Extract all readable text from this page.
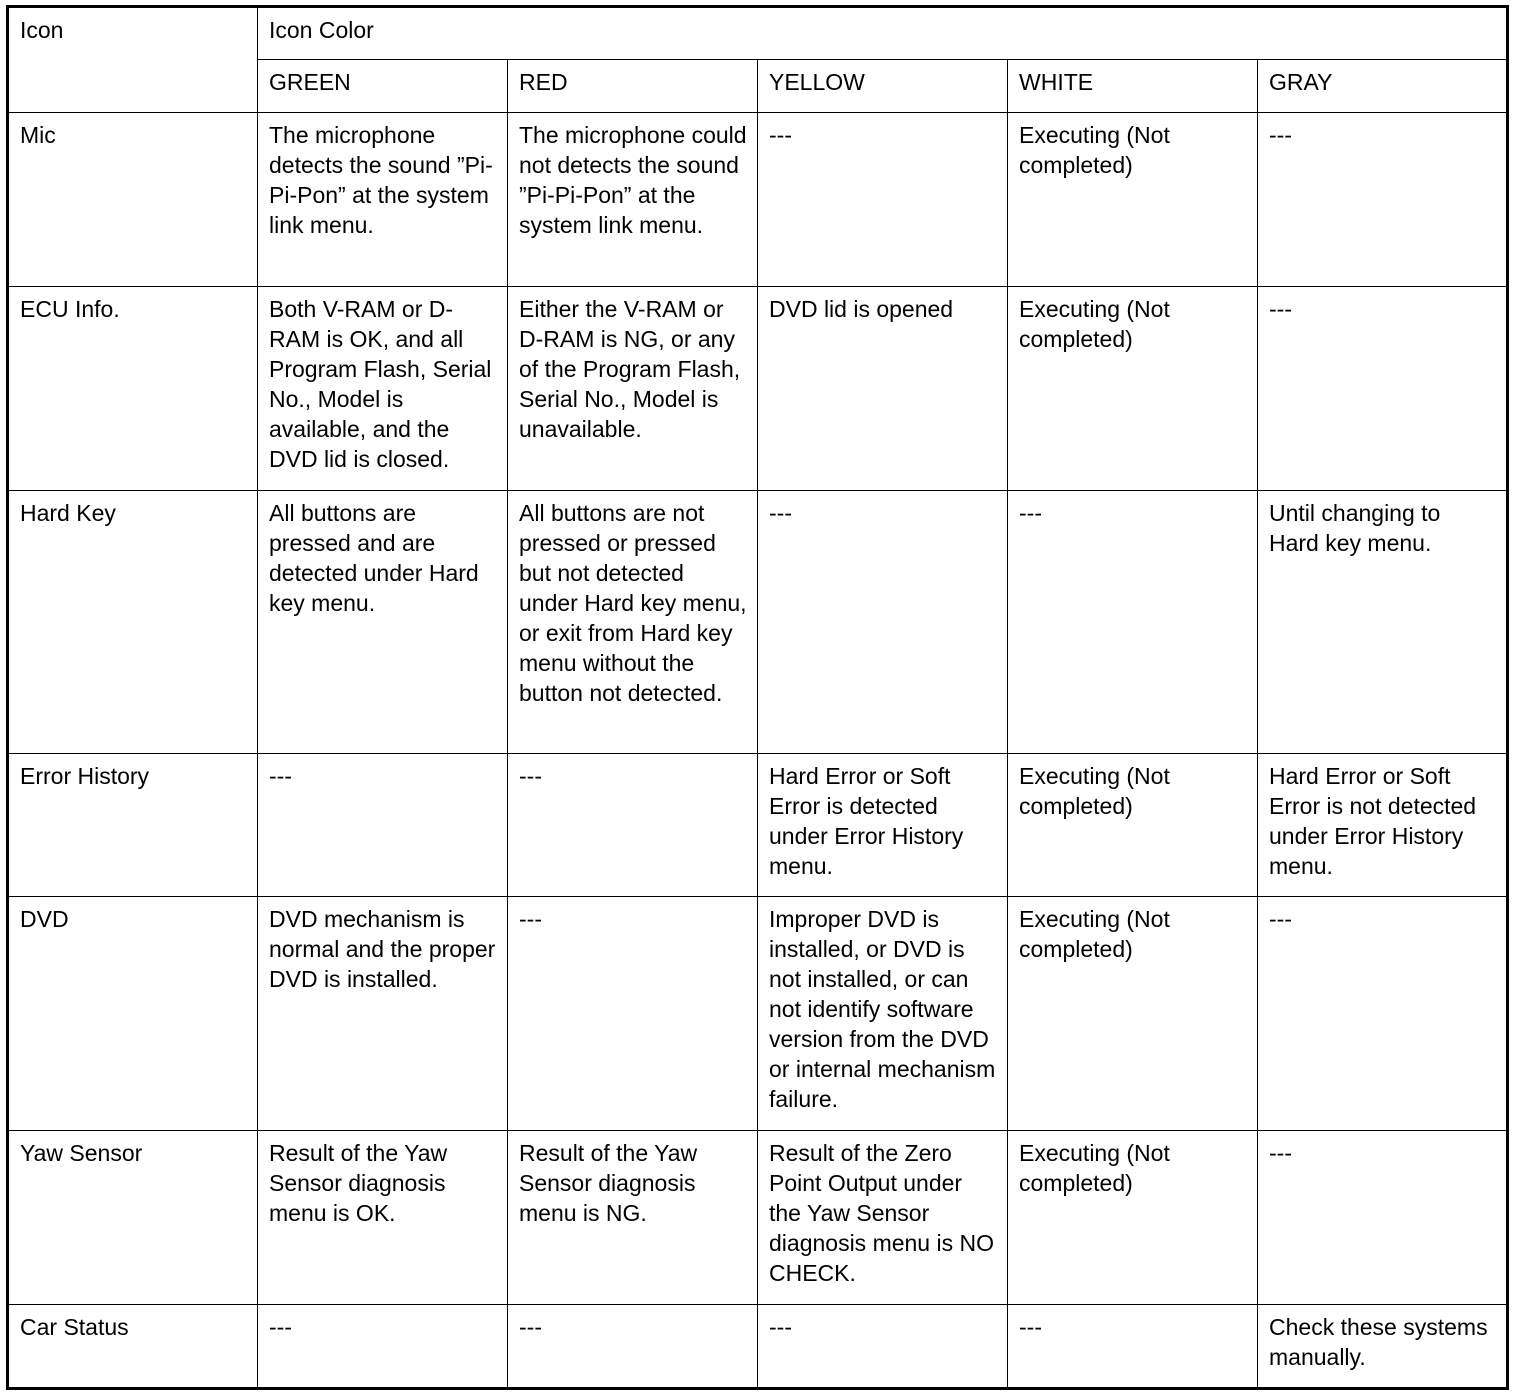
Icon	Icon Color				
	GREEN	RED	YELLOW	WHITE	GRAY
Mic	The microphone detects the sound ”Pi-Pi-Pon” at the system link menu.	The microphone could not detects the sound ”Pi-Pi-Pon” at the system link menu.	---	Executing (Not completed)	---
ECU Info.	Both V-RAM or D-RAM is OK, and all Program Flash, Serial No., Model is available, and the DVD lid is closed.	Either the V-RAM or D-RAM is NG, or any of the Program Flash, Serial No., Model is unavailable.	DVD lid is opened	Executing (Not completed)	---
Hard Key	All buttons are pressed and are detected under Hard key menu.	All buttons are not pressed or pressed but not detected under Hard key menu, or exit from Hard key menu without the button not detected.	---	---	Until changing to Hard key menu.
Error History	---	---	Hard Error or Soft Error is detected under Error History menu.	Executing (Not completed)	Hard Error or Soft Error is not detected under Error History menu.
DVD	DVD mechanism is normal and the proper DVD is installed.	---	Improper DVD is installed, or DVD is not installed, or can not identify software version from the DVD or internal mechanism failure.	Executing (Not completed)	---
Yaw Sensor	Result of the Yaw Sensor diagnosis menu is OK.	Result of the Yaw Sensor diagnosis menu is NG.	Result of the Zero Point Output under the Yaw Sensor diagnosis menu is NO CHECK.	Executing (Not completed)	---
Car Status	---	---	---	---	Check these systems manually.
